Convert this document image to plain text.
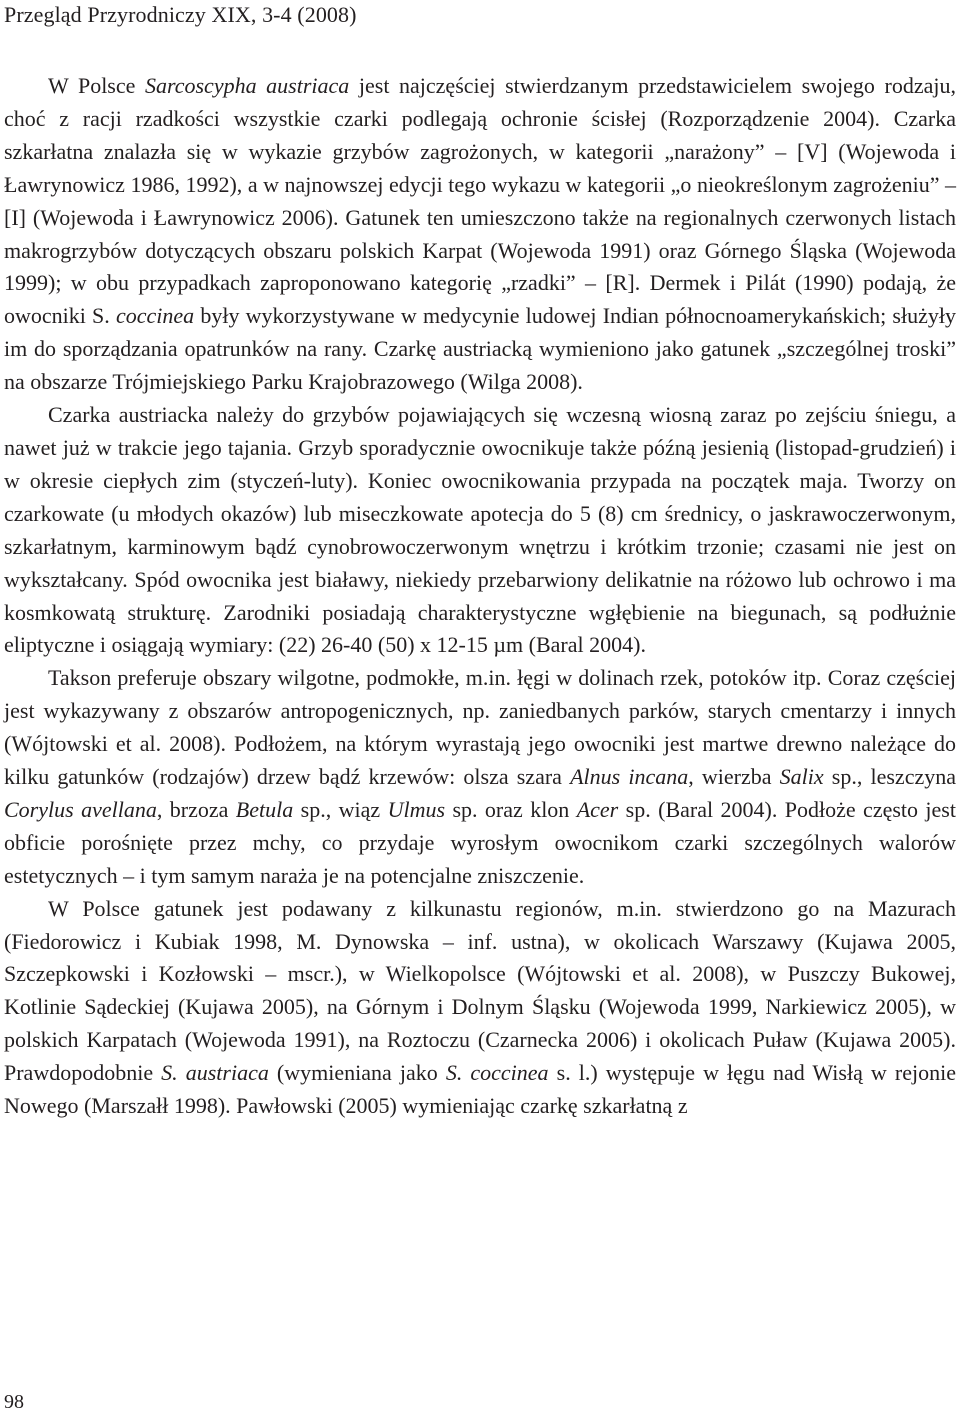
Przegląd Przyrodniczy XIX, 3-4 (2008)

W Polsce Sarcoscypha austriaca jest najczęściej stwierdzanym przedstawicielem swojego rodzaju, choć z racji rzadkości wszystkie czarki podlegają ochronie ścisłej (Rozporządzenie 2004). Czarka szkarłatna znalazła się w wykazie grzybów zagrożonych, w kategorii „narażony” – [V] (Wojewoda i Ławrynowicz 1986, 1992), a w najnowszej edycji tego wykazu w kategorii „o nieokreślonym zagrożeniu” – [I] (Wojewoda i Ławrynowicz 2006). Gatunek ten umieszczono także na regionalnych czerwonych listach makrogrzybów dotyczących obszaru polskich Karpat (Wojewoda 1991) oraz Górnego Śląska (Wojewoda 1999); w obu przypadkach zaproponowano kategorię „rzadki” – [R]. Dermek i Pilát (1990) podają, że owocniki S. coccinea były wykorzystywane w medycynie ludowej Indian północnoamerykańskich; służyły im do sporządzania opatrunków na rany. Czarkę austriacką wymieniono jako gatunek „szczególnej troski” na obszarze Trójmiejskiego Parku Krajobrazowego (Wilga 2008).

Czarka austriacka należy do grzybów pojawiających się wczesną wiosną zaraz po zejściu śniegu, a nawet już w trakcie jego tajania. Grzyb sporadycznie owocnikuje także późną jesienią (listopad-grudzień) i w okresie ciepłych zim (styczeń-luty). Koniec owocnikowania przypada na początek maja. Tworzy on czarkowate (u młodych okazów) lub miseczkowate apotecja do 5 (8) cm średnicy, o jaskrawoczerwonym, szkarłatnym, karminowym bądź cynobrowoczerwonym wnętrzu i krótkim trzonie; czasami nie jest on wykształcany. Spód owocnika jest białawy, niekiedy przebarwiony delikatnie na różowo lub ochrowo i ma kosmkowatą strukturę. Zarodniki posiadają charakterystyczne wgłębienie na biegunach, są podłużnie eliptyczne i osiągają wymiary: (22) 26-40 (50) x 12-15 µm (Baral 2004).

Takson preferuje obszary wilgotne, podmokłe, m.in. łęgi w dolinach rzek, potoków itp. Coraz częściej jest wykazywany z obszarów antropogenicznych, np. zaniedbanych parków, starych cmentarzy i innych (Wójtowski et al. 2008). Podłożem, na którym wyrastają jego owocniki jest martwe drewno należące do kilku gatunków (rodzajów) drzew bądź krzewów: olsza szara Alnus incana, wierzba Salix sp., leszczyna Corylus avellana, brzoza Betula sp., wiąz Ulmus sp. oraz klon Acer sp. (Baral 2004). Podłoże często jest obficie porośnięte przez mchy, co przydaje wyrosłym owocnikom czarki szczególnych walorów estetycznych – i tym samym naraża je na potencjalne zniszczenie.

W Polsce gatunek jest podawany z kilkunastu regionów, m.in. stwierdzono go na Mazurach (Fiedorowicz i Kubiak 1998, M. Dynowska – inf. ustna), w okolicach Warszawy (Kujawa 2005, Szczepkowski i Kozłowski – mscr.), w Wielkopolsce (Wójtowski et al. 2008), w Puszczy Bukowej, Kotlinie Sądeckiej (Kujawa 2005), na Górnym i Dolnym Śląsku (Wojewoda 1999, Narkiewicz 2005), w polskich Karpatach (Wojewoda 1991), na Roztoczu (Czarnecka 2006) i okolicach Puław (Kujawa 2005). Prawdopodobnie S. austriaca (wymieniana jako S. coccinea s. l.) występuje w łęgu nad Wisłą w rejonie Nowego (Marszałł 1998). Pawłowski (2005) wymieniając czarkę szkarłatną z

98
